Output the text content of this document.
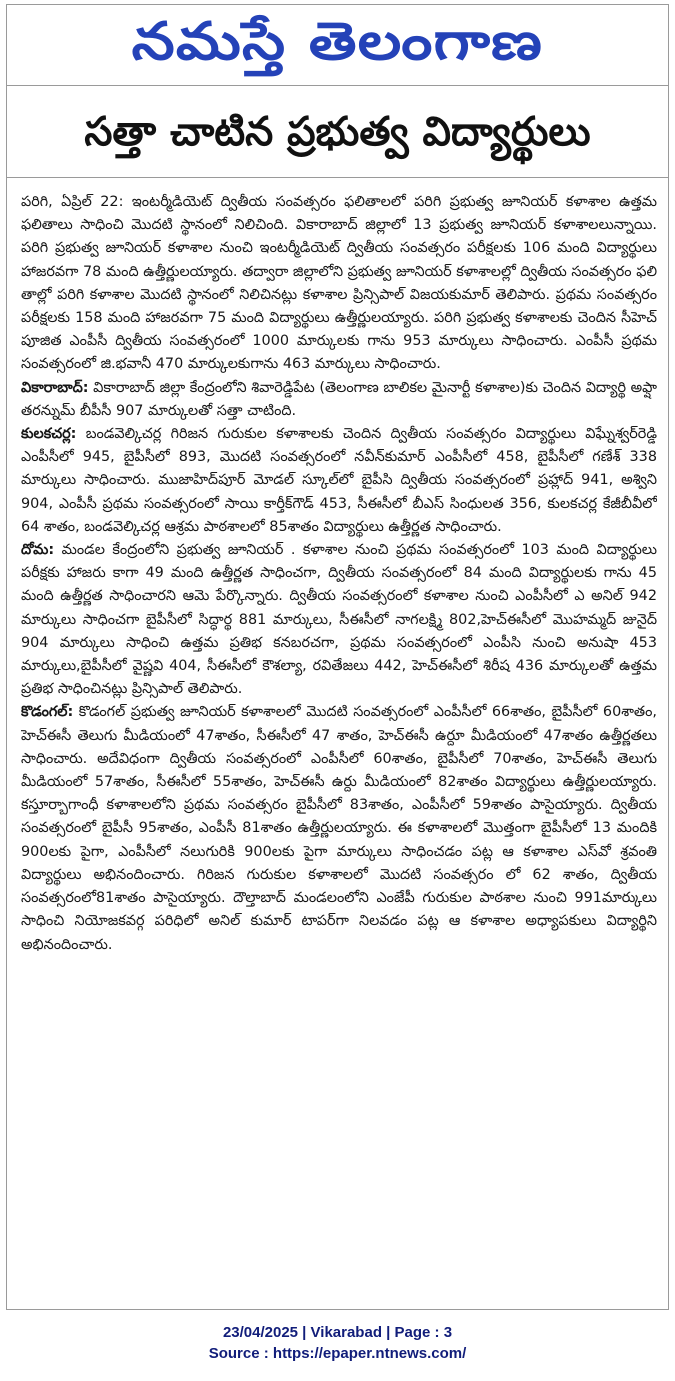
నమస్తే తెలంగాణ
సత్తా చాటిన ప్రభుత్వ విద్యార్థులు

పరిగి, ఏప్రిల్ 22: ఇంటర్మీడియెట్ ద్వితీయ సంవత్సరం ఫలితాలలో పరిగి ప్రభుత్వ జూనియర్ కళాశాల ఉత్తమ ఫలితాలు సాధించి మొదటి స్థానంలో నిలిచింది. వికారాబాద్ జిల్లాలో 13 ప్రభుత్వ జూనియర్ కళాశాలలున్నాయి. పరిగి ప్రభుత్వ జూనియర్ కళాశాల నుంచి ఇంటర్మీడియెట్ ద్వితీయ సంవత్సరం పరీక్షలకు 106 మంది విద్యార్థులు హాజరవగా 78 మంది ఉత్తీర్ణులయ్యారు. తద్వారా జిల్లాలోని ప్రభుత్వ జూనియర్ కళాశాలల్లో ద్వితీయ సంవత్సరం ఫలి తాల్లో పరిగి కళాశాల మొదటి స్థానంలో నిలిచినట్లు కళాశాల ప్రిన్సిపాల్ విజయకుమార్ తెలిపారు. ప్రథమ సంవత్సరం పరీక్షలకు 158 మంది హాజరవగా 75 మంది విద్యార్థులు ఉత్తీర్ణులయ్యారు. పరిగి ప్రభుత్వ కళాశాలకు చెందిన సీహెచ్ పూజిత ఎంపీసీ ద్వితీయ సంవత్సరంలో 1000 మార్కులకు గాను 953 మార్కులు సాధించారు. ఎంపీసీ ప్రథమ సంవత్సరంలో జి.భవానీ 470 మార్కులకుగాను 463 మార్కులు సాధించారు.

వికారాబాద్: వికారాబాద్ జిల్లా కేంద్రంలోని శివారెడ్డిపేట (తెలంగాణ బాలికల మైనార్టీ కళాశాల)కు చెందిన విద్యార్థి అఫ్షా తరన్నుమ్ బీపీసీ 907 మార్కులతో సత్తా చాటింది.

కులకచర్ల: బండవెల్కిచర్ల గిరిజన గురుకుల కళాశాలకు చెందిన ద్వితీయ సంవత్సరం విద్యార్థులు విఘ్నేశ్వర్‌రెడ్డి ఎంపీసీలో 945, బైపీసీలో 893, మొదటి సంవత్సరంలో నవీన్‌కుమార్ ఎంపీసీలో 458, బైపీసీలో గణేశ్ 338 మార్కులు సాధించారు. ముజాహిద్‌పూర్ మోడల్ స్కూల్‌లో బైపీసి ద్వితీయ సంవత్సరంలో ప్రహ్లాద్ 941, అశ్విని 904, ఎంపీసీ ప్రథమ సంవత్సరంలో సాయి కార్తీక్‌గౌడ్ 453, సీఈసీలో బీఎస్ సింధులత 356, కులకచర్ల కేజీబీవీలో 64 శాతం, బండవెల్కిచర్ల ఆశ్రమ పాఠశాలలో 85శాతం విద్యార్థులు ఉత్తీర్ణత సాధించారు.

దోమ: మండల కేంద్రంలోని ప్రభుత్వ జూనియర్ . కళాశాల నుంచి ప్రథమ సంవత్సరంలో 103 మంది విద్యార్థులు పరీక్షకు హాజరు కాగా 49 మంది ఉత్తీర్ణత సాధించగా, ద్వితీయ సంవత్సరంలో 84 మంది విద్యార్థులకు గాను 45 మంది ఉత్తీర్ణత సాధించారని ఆమె పేర్కొన్నారు. ద్వితీయ సంవత్సరంలో కళాశాల నుంచి ఎంపీసీలో ఎ అనిల్ 942 మార్కులు సాధించగా బైపీసీలో సిద్ధార్థ 881 మార్కులు, సీఈసీలో నాగలక్ష్మి 802,హెచ్‌ఈసీలో మొహమ్మద్ జునైద్ 904 మార్కులు సాధించి ఉత్తమ ప్రతిభ కనబరచగా, ప్రథమ సంవత్సరంలో ఎంపీసి నుంచి అనుషా 453 మార్కులు,బైపీసీలో వైష్ణవి 404, సీఈసీలో కౌశల్యా, రవితేజలు 442, హెచ్‌ఈసీలో శిరీష 436 మార్కులతో ఉత్తమ ప్రతిభ సాధించినట్లు ప్రిన్సిపాల్ తెలిపారు.

కొడంగల్: కొడంగల్ ప్రభుత్వ జూనియర్ కళాశాలలో మొదటి సంవత్సరంలో ఎంపీసీలో 66శాతం, బైపీసీలో 60శాతం, హెచ్‌ఈసీ తెలుగు మీడియంలో 47శాతం, సీఈసీలో 47 శాతం, హెచ్‌ఈసీ ఉర్దూ మీడియంలో 47శాతం ఉత్తీర్ణతలు సాధించారు. అదేవిధంగా ద్వితీయ సంవత్సరంలో ఎంపీసీలో 60శాతం, బైపీసీలో 70శాతం, హెచ్‌ఈసీ తెలుగు మీడియంలో 57శాతం, సీఈసీలో 55శాతం, హెచ్‌ఈసీ ఉర్దు మీడియంలో 82శాతం విద్యార్థులు ఉత్తీర్ణులయ్యారు. కస్తూర్బాగాంధీ కళాశాలలోని ప్రథమ సంవత్సరం బైపీసీలో 83శాతం, ఎంపీసీలో 59శాతం పాసైయ్యారు. ద్వితీయ సంవత్సరంలో బైపీసీ 95శాతం, ఎంపీసీ 81శాతం ఉత్తీర్ణులయ్యారు. ఈ కళాశాలలో మొత్తంగా బైపీసీలో 13 మందికి 900లకు పైగా, ఎంపీసీలో నలుగురికి 900లకు పైగా మార్కులు సాధించడం పట్ల ఆ కళాశాల ఎస్‌వో శ్రవంతి విద్యార్థులు అభినందించారు. గిరిజన గురుకుల కళాశాలలో మొదటి సంవత్సరం లో 62 శాతం, ద్వితీయ సంవత్సరంలో81శాతం పాసైయ్యారు. దౌల్తాబాద్ మండలంలోని ఎంజేపీ గురుకుల పాఠశాల నుంచి 991మార్కులు సాధించి నియోజకవర్గ పరిధిలో అనిల్ కుమార్ టాపర్‌గా నిలవడం పట్ల ఆ కళాశాల అధ్యాపకులు విద్యార్థిని అభినందించారు.

23/04/2025 | Vikarabad | Page : 3
Source : https://epaper.ntnews.com/
